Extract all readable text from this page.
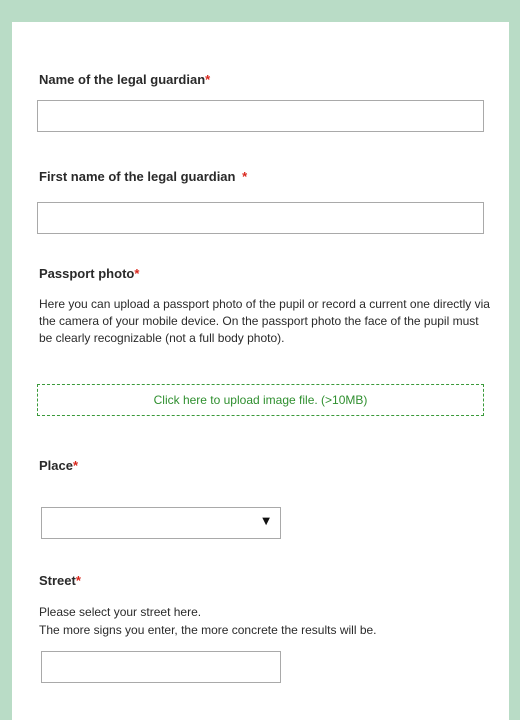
Name of the legal guardian*
First name of the legal guardian *
Passport photo*
Here you can upload a passport photo of the pupil or record a current one directly via the camera of your mobile device. On the passport photo the face of the pupil must be clearly recognizable (not a full body photo).
Click here to upload image file. (>10MB)
Place*
▼
Street*
Please select your street here.
The more signs you enter, the more concrete the results will be.
